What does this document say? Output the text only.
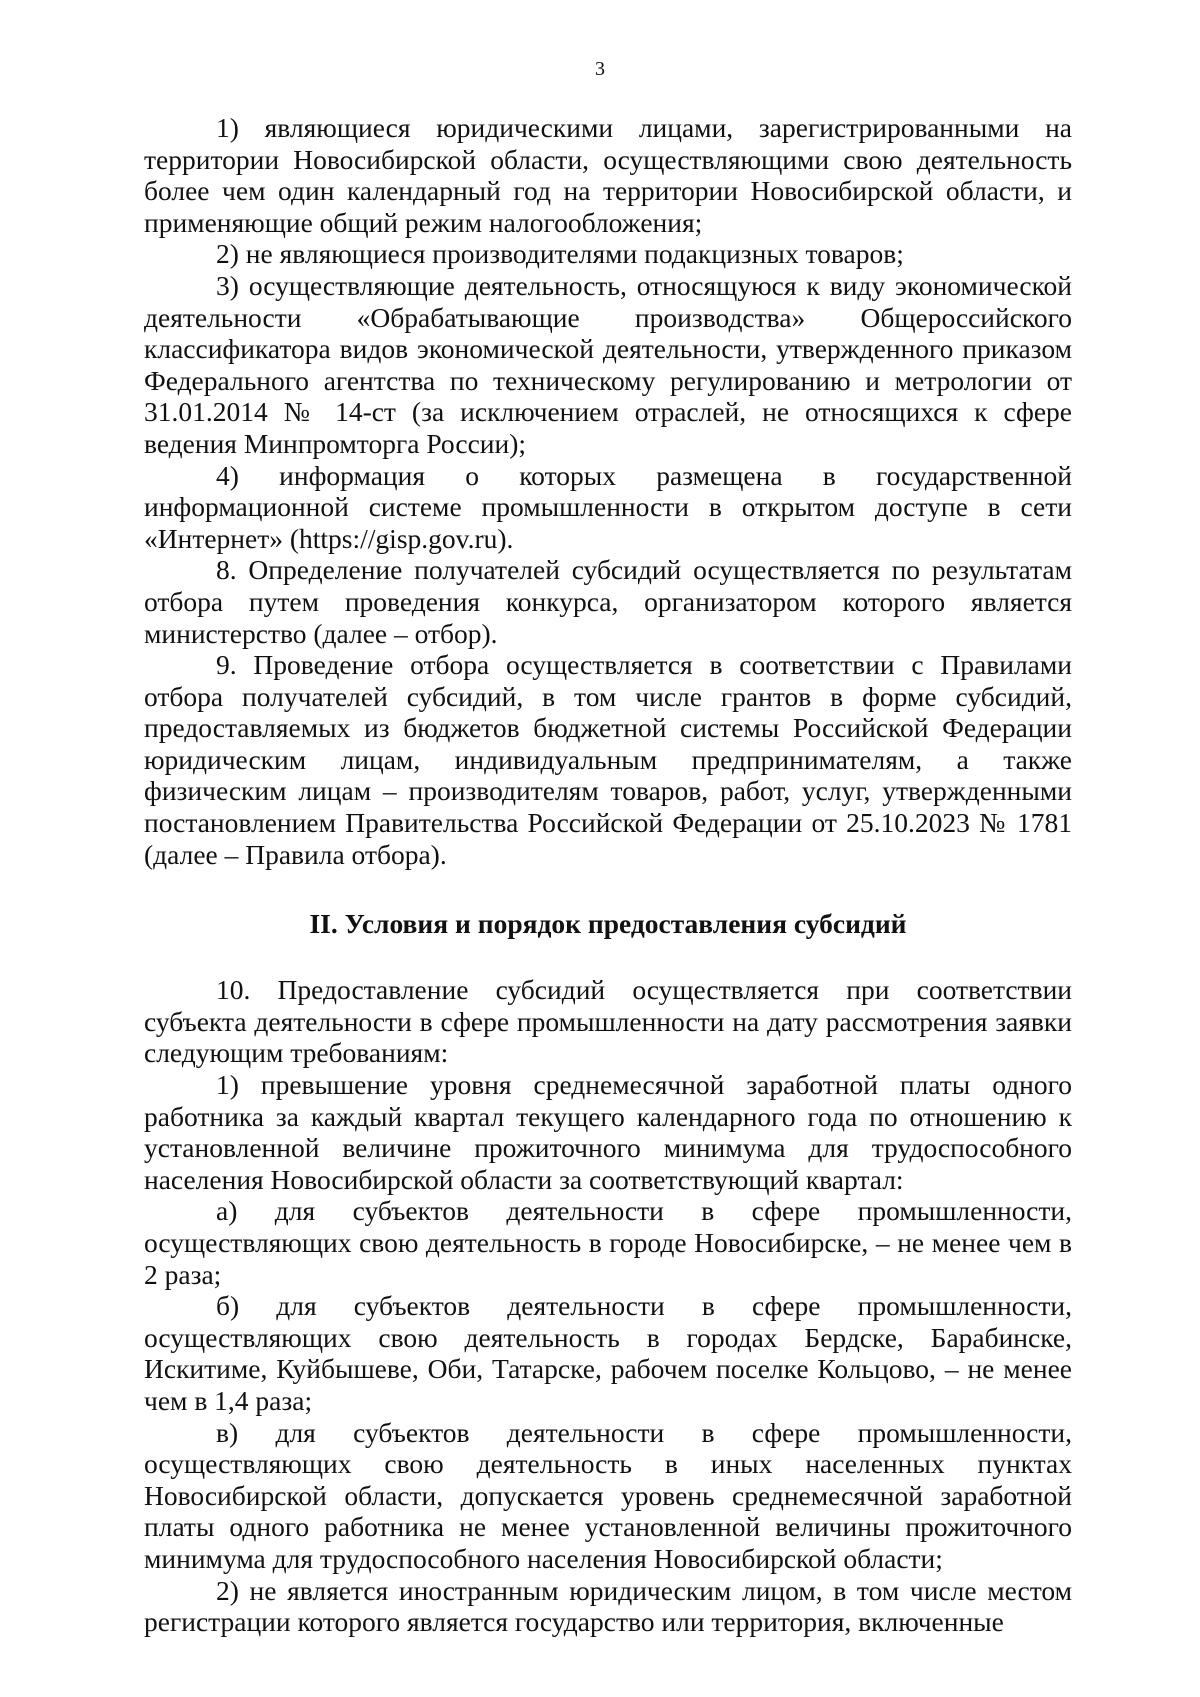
3

1) являющиеся юридическими лицами, зарегистрированными на территории Новосибирской области, осуществляющими свою деятельность более чем один календарный год на территории Новосибирской области, и применяющие общий режим налогообложения;

2) не являющиеся производителями подакцизных товаров;

3) осуществляющие деятельность, относящуюся к виду экономической деятельности «Обрабатывающие производства» Общероссийского классификатора видов экономической деятельности, утвержденного приказом Федерального агентства по техническому регулированию и метрологии от 31.01.2014 № 14-ст (за исключением отраслей, не относящихся к сфере ведения Минпромторга России);

4) информация о которых размещена в государственной информационной системе промышленности в открытом доступе в сети «Интернет» (https://gisp.gov.ru).

8. Определение получателей субсидий осуществляется по результатам отбора путем проведения конкурса, организатором которого является министерство (далее – отбор).

9. Проведение отбора осуществляется в соответствии с Правилами отбора получателей субсидий, в том числе грантов в форме субсидий, предоставляемых из бюджетов бюджетной системы Российской Федерации юридическим лицам, индивидуальным предпринимателям, а также физическим лицам – производителям товаров, работ, услуг, утвержденными постановлением Правительства Российской Федерации от 25.10.2023 № 1781 (далее – Правила отбора).

II. Условия и порядок предоставления субсидий

10. Предоставление субсидий осуществляется при соответствии субъекта деятельности в сфере промышленности на дату рассмотрения заявки следующим требованиям:

1) превышение уровня среднемесячной заработной платы одного работника за каждый квартал текущего календарного года по отношению к установленной величине прожиточного минимума для трудоспособного населения Новосибирской области за соответствующий квартал:

а) для субъектов деятельности в сфере промышленности, осуществляющих свою деятельность в городе Новосибирске, – не менее чем в 2 раза;

б) для субъектов деятельности в сфере промышленности, осуществляющих свою деятельность в городах Бердске, Барабинске, Искитиме, Куйбышеве, Оби, Татарске, рабочем поселке Кольцово, – не менее чем в 1,4 раза;

в) для субъектов деятельности в сфере промышленности, осуществляющих свою деятельность в иных населенных пунктах Новосибирской области, допускается уровень среднемесячной заработной платы одного работника не менее установленной величины прожиточного минимума для трудоспособного населения Новосибирской области;

2) не является иностранным юридическим лицом, в том числе местом регистрации которого является государство или территория, включенные
